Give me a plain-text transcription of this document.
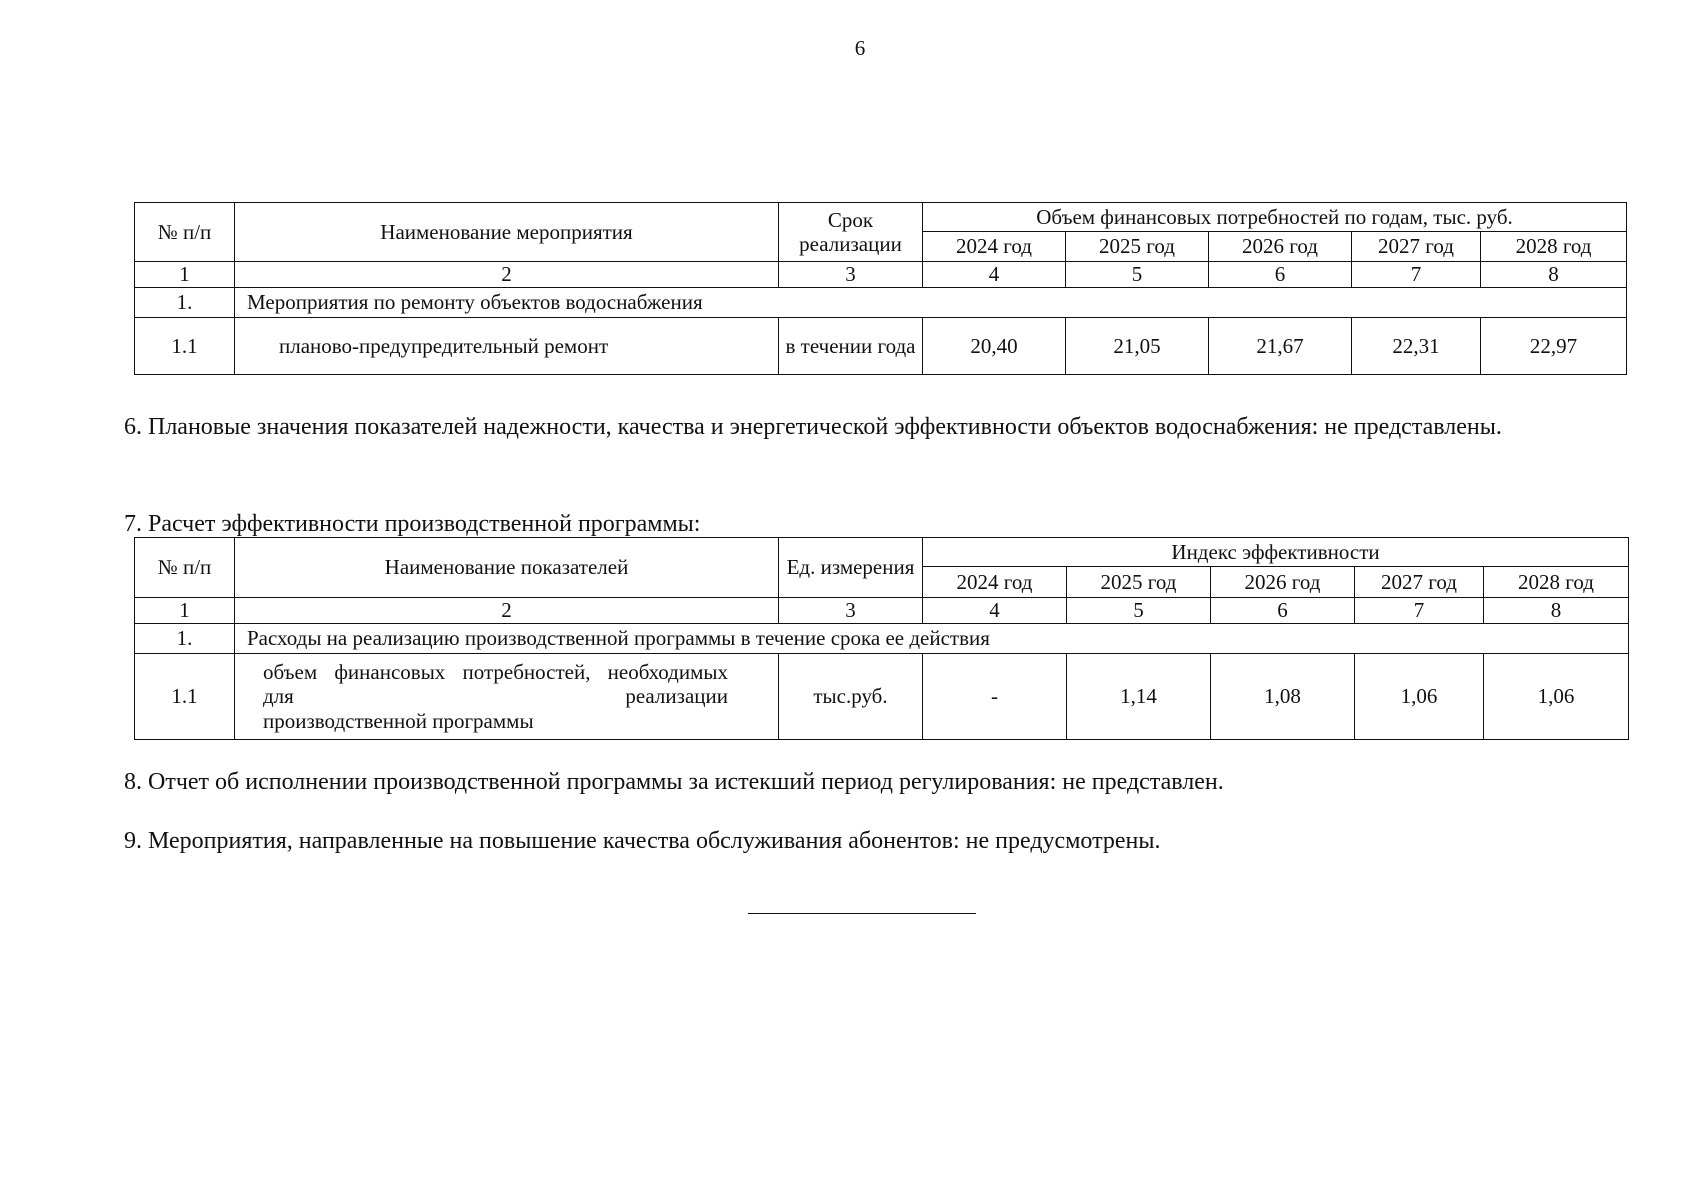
6
№ п/п	Наименование мероприятия	Срок реализации	Объем финансовых потребностей по годам, тыс. руб.				
			2024 год	2025 год	2026 год	2027 год	2028 год
1	2	3	4	5	6	7	8
1.	Мероприятия по ремонту объектов водоснабжения						
1.1	планово-предупредительный ремонт	в течении года	20,40	21,05	21,67	22,31	22,97
6. Плановые значения показателей надежности, качества и энергетической эффективности объектов водоснабжения: не представлены.
7. Расчет эффективности производственной программы:
№ п/п	Наименование показателей	Ед. измерения	Индекс эффективности				
			2024 год	2025 год	2026 год	2027 год	2028 год
1	2	3	4	5	6	7	8
1.	Расходы на реализацию производственной программы в течение срока ее действия						
1.1	объем финансовых потребностей, необходимых для реализации
производственной программы	тыс.руб.	-	1,14	1,08	1,06	1,06
8. Отчет об исполнении производственной программы за истекший период регулирования: не представлен.
9. Мероприятия, направленные на повышение качества обслуживания абонентов: не предусмотрены.
